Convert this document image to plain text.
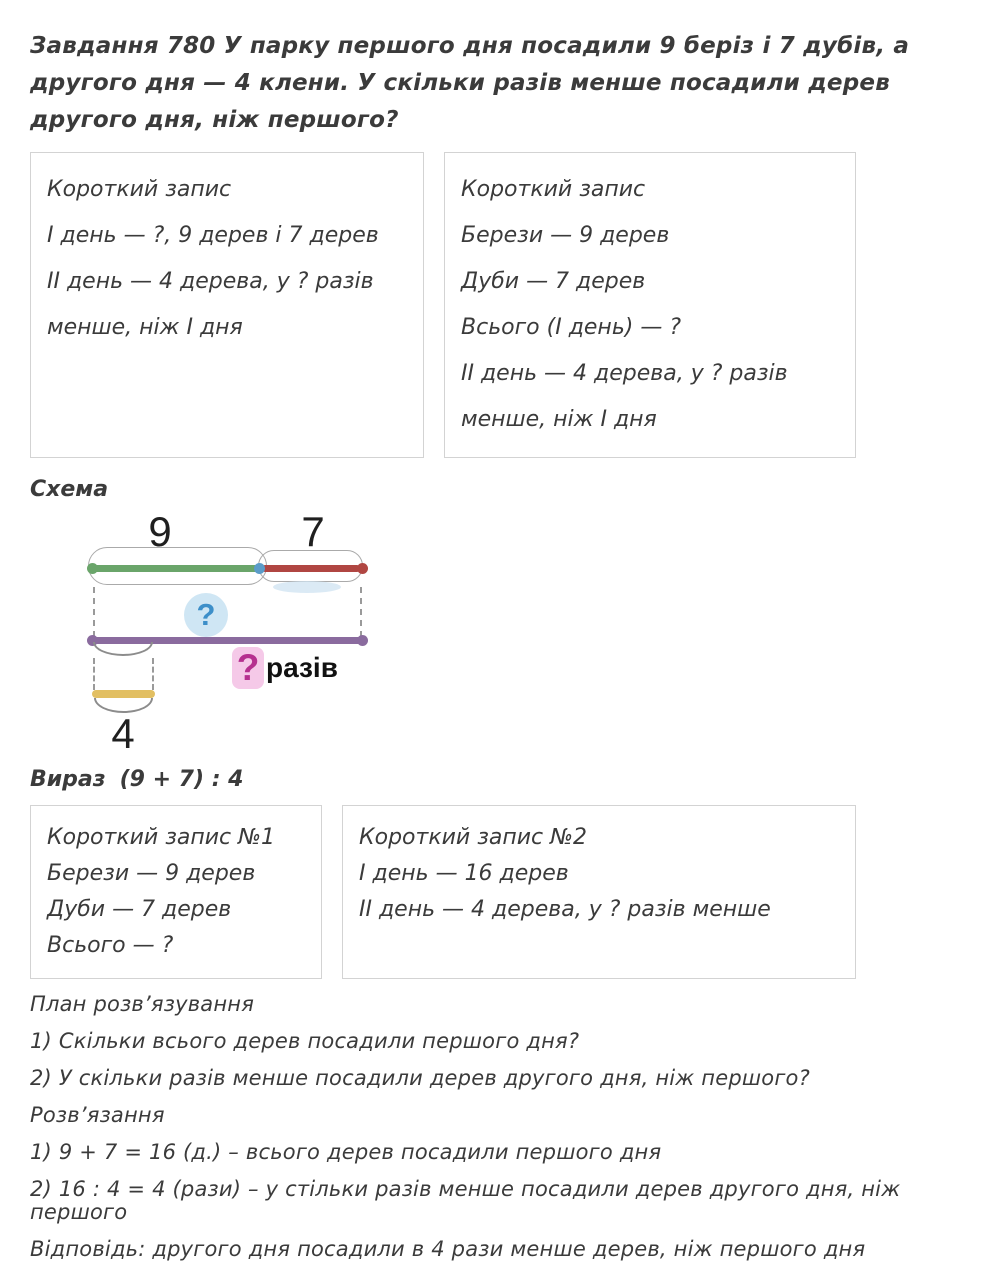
Завдання 780 У парку першого дня посадили 9 беріз і 7 дубів, а другого дня — 4 клени. У скільки разів менше посадили дерев другого дня, ніж першого?

Короткий запис
I день — ?, 9 дерев і 7 дерев
II день — 4 дерева, у ? разів менше, ніж I дня
Короткий запис
Берези — 9 дерев
Дуби — 7 дерев
Всього (I день) — ?
II день — 4 дерева, у ? разів менше, ніж I дня

Схема

9	7
?
4
? разів

Вираз (9 + 7) : 4

Короткий запис №1
Берези — 9 дерев
Дуби — 7 дерев
Всього — ?
Короткий запис №2
I день — 16 дерев
II день — 4 дерева, у ? разів менше

План розв’язування

1) Скільки всього дерев посадили першого дня?

2) У скільки разів менше посадили дерев другого дня, ніж першого?

Розв’язання

1) 9 + 7 = 16 (д.) – всього дерев посадили першого дня

2) 16 : 4 = 4 (рази) – у стільки разів менше посадили дерев другого дня, ніж першого

Відповідь: другого дня посадили в 4 рази менше дерев, ніж першого дня
